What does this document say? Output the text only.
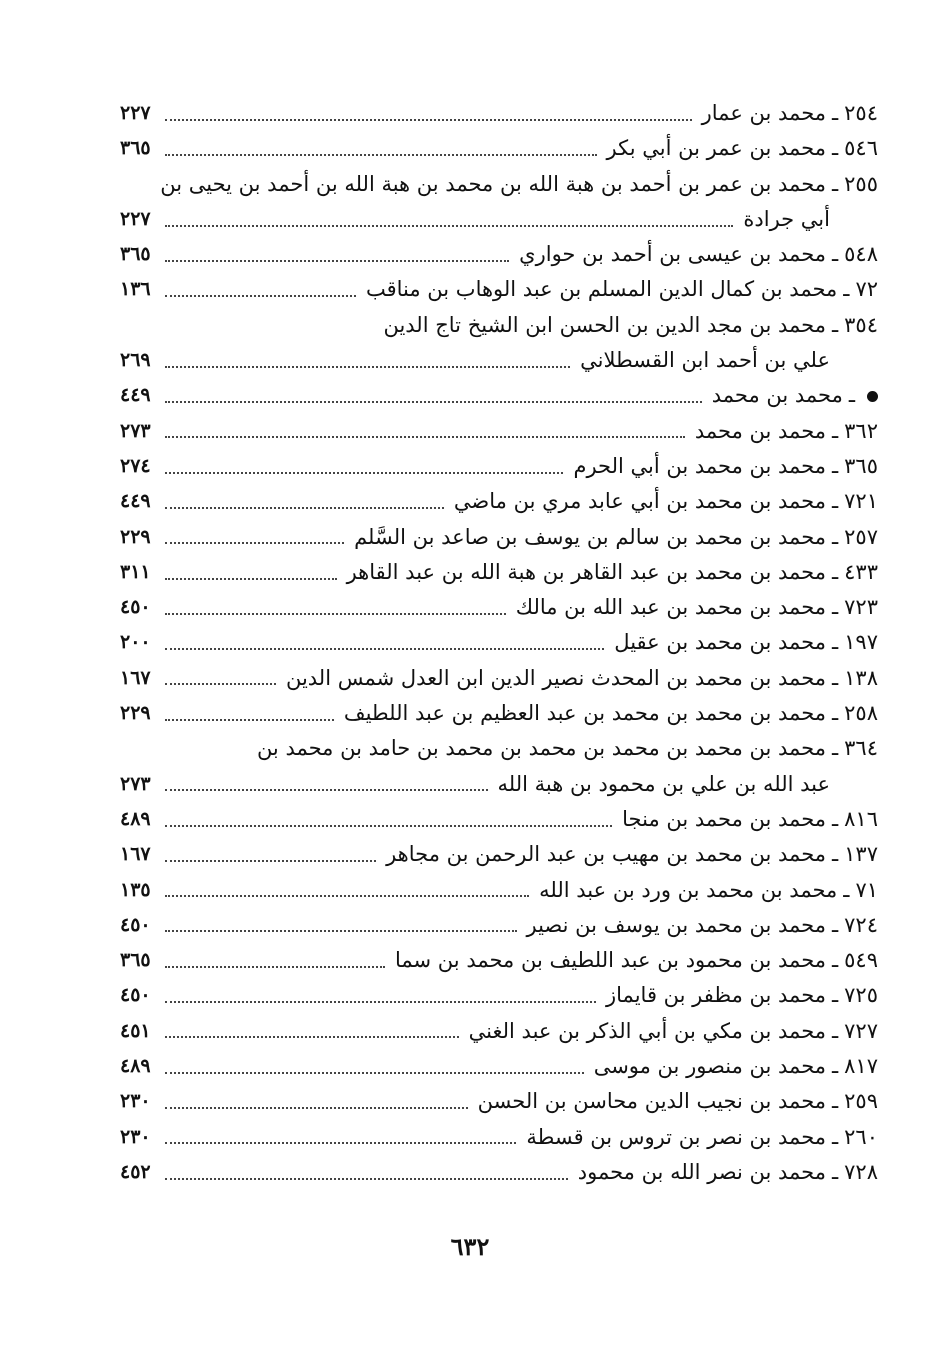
٢٥٤
ـ
محمد بن عمار
٢٢٧
٥٤٦
ـ
محمد بن عمر بن أبي بكر
٣٦٥
٢٥٥
ـ
محمد بن عمر بن أحمد بن هبة الله بن محمد بن هبة الله بن أحمد بن يحيى بن
أبي جرادة
٢٢٧
٥٤٨
ـ
محمد بن عيسى بن أحمد بن حواري
٣٦٥
٧٢
ـ
محمد بن كمال الدين المسلم بن عبد الوهاب بن مناقب
١٣٦
٣٥٤
ـ
محمد بن مجد الدين بن الحسن ابن الشيخ تاج الدين
علي بن أحمد ابن القسطلاني
٢٦٩
ـ
محمد بن محمد
٤٤٩
٣٦٢
ـ
محمد بن محمد
٢٧٣
٣٦٥
ـ
محمد بن محمد بن أبي الحرم
٢٧٤
٧٢١
ـ
محمد بن محمد بن أبي عابد مري بن ماضي
٤٤٩
٢٥٧
ـ
محمد بن محمد بن سالم بن يوسف بن صاعد بن السَّلم
٢٢٩
٤٣٣
ـ
محمد بن محمد بن عبد القاهر بن هبة الله بن عبد القاهر
٣١١
٧٢٣
ـ
محمد بن محمد بن عبد الله بن مالك
٤٥٠
١٩٧
ـ
محمد بن محمد بن عقيل
٢٠٠
١٣٨
ـ
محمد بن محمد بن المحدث نصير الدين ابن العدل شمس الدين
١٦٧
٢٥٨
ـ
محمد بن محمد بن محمد بن عبد العظيم بن عبد اللطيف
٢٢٩
٣٦٤
ـ
محمد بن محمد بن محمد بن محمد بن محمد بن حامد بن محمد بن
عبد الله بن علي بن محمود بن هبة الله
٢٧٣
٨١٦
ـ
محمد بن محمد بن منجا
٤٨٩
١٣٧
ـ
محمد بن محمد بن مهيب بن عبد الرحمن بن مجاهر
١٦٧
٧١
ـ
محمد بن محمد بن ورد بن عبد الله
١٣٥
٧٢٤
ـ
محمد بن محمد بن يوسف بن نصير
٤٥٠
٥٤٩
ـ
محمد بن محمود بن عبد اللطيف بن محمد بن سما
٣٦٥
٧٢٥
ـ
محمد بن مظفر بن قايماز
٤٥٠
٧٢٧
ـ
محمد بن مكي بن أبي الذكر بن عبد الغني
٤٥١
٨١٧
ـ
محمد بن منصور بن موسى
٤٨٩
٢٥٩
ـ
محمد بن نجيب الدين محاسن بن الحسن
٢٣٠
٢٦٠
ـ
محمد بن نصر بن تروس بن قسطة
٢٣٠
٧٢٨
ـ
محمد بن نصر الله بن محمود
٤٥٢
٦٣٢
